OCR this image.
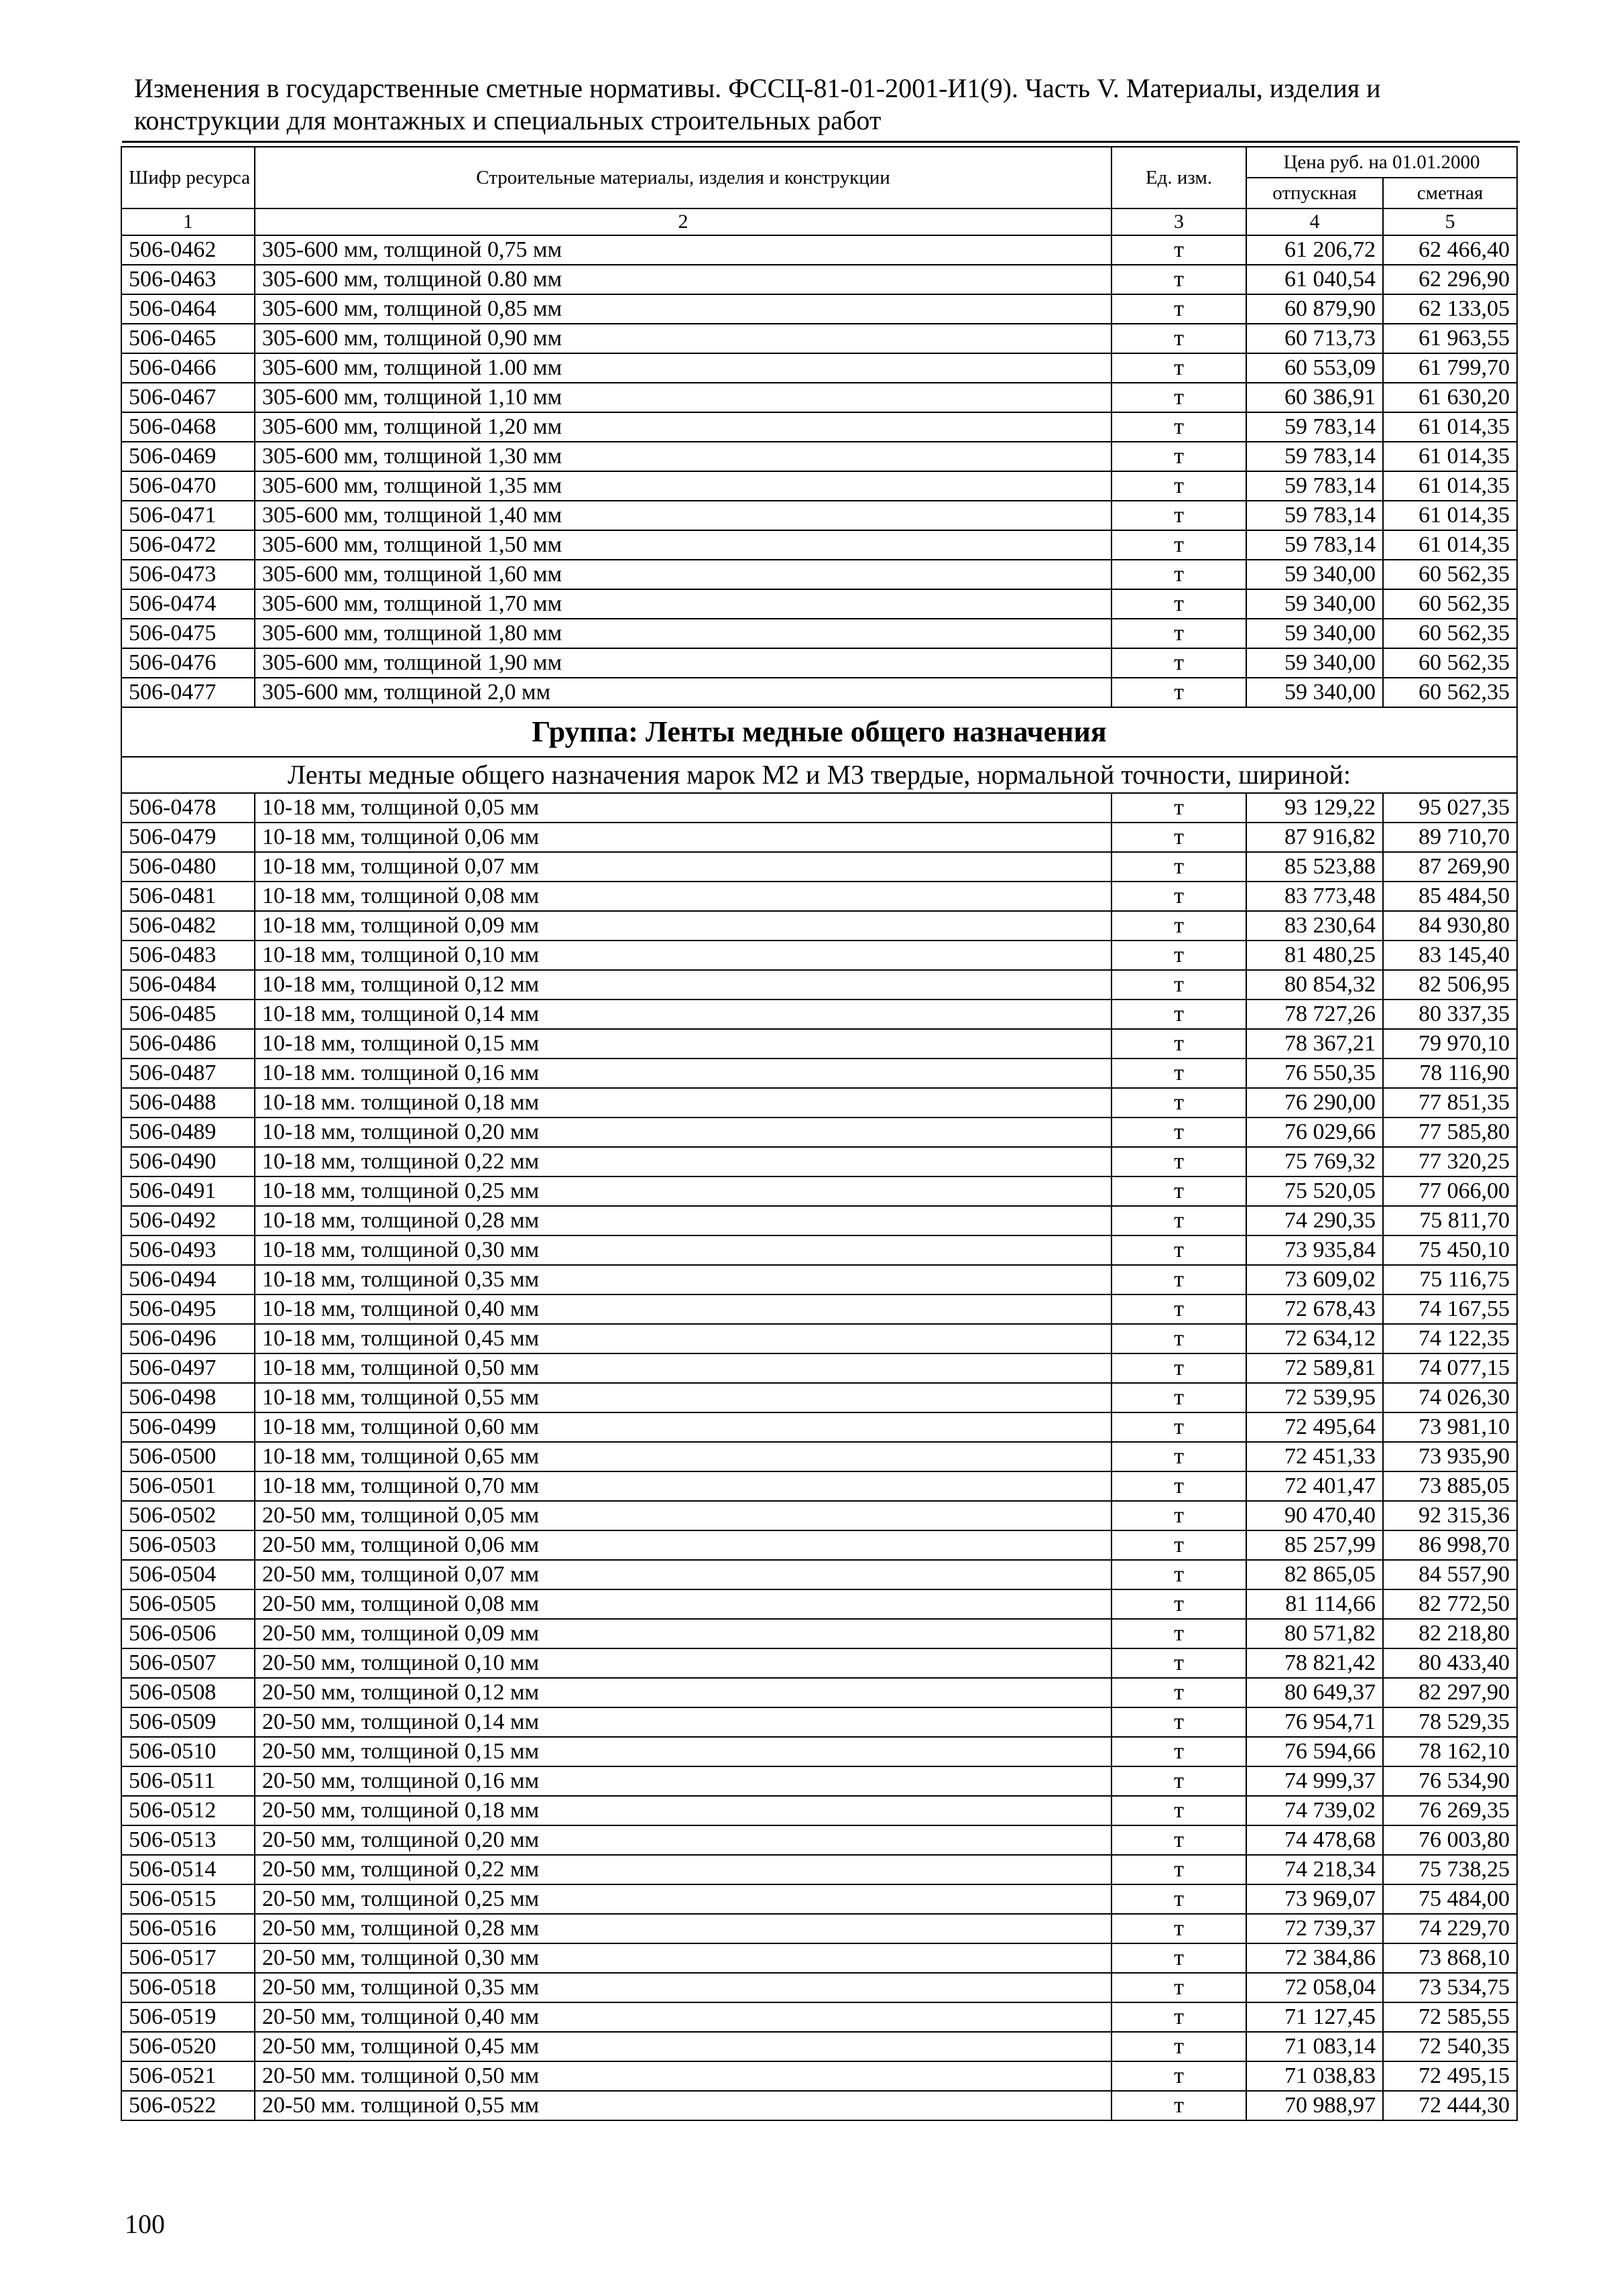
Изменения в государственные сметные нормативы. ФССЦ-81-01-2001-И1(9). Часть V. Материалы, изделия и конструкции для монтажных и специальных строительных работ
Шифр ресурса	Строительные материалы, изделия и конструкции	Ед. изм.	Цена руб. на 01.01.2000	
			отпускная	сметная
1	2	3	4	5
506-0462	305-600 мм, толщиной 0,75 мм	т	61 206,72	62 466,40
506-0463	305-600 мм, толщиной 0.80 мм	т	61 040,54	62 296,90
506-0464	305-600 мм, толщиной 0,85 мм	т	60 879,90	62 133,05
506-0465	305-600 мм, толщиной 0,90 мм	т	60 713,73	61 963,55
506-0466	305-600 мм, толщиной 1.00 мм	т	60 553,09	61 799,70
506-0467	305-600 мм, толщиной 1,10 мм	т	60 386,91	61 630,20
506-0468	305-600 мм, толщиной 1,20 мм	т	59 783,14	61 014,35
506-0469	305-600 мм, толщиной 1,30 мм	т	59 783,14	61 014,35
506-0470	305-600 мм, толщиной 1,35 мм	т	59 783,14	61 014,35
506-0471	305-600 мм, толщиной 1,40 мм	т	59 783,14	61 014,35
506-0472	305-600 мм, толщиной 1,50 мм	т	59 783,14	61 014,35
506-0473	305-600 мм, толщиной 1,60 мм	т	59 340,00	60 562,35
506-0474	305-600 мм, толщиной 1,70 мм	т	59 340,00	60 562,35
506-0475	305-600 мм, толщиной 1,80 мм	т	59 340,00	60 562,35
506-0476	305-600 мм, толщиной 1,90 мм	т	59 340,00	60 562,35
506-0477	305-600 мм, толщиной 2,0 мм	т	59 340,00	60 562,35
Группа: Ленты медные общего назначения				
Ленты медные общего назначения марок М2 и М3 твердые, нормальной точности, шириной:				
506-0478	10-18 мм, толщиной 0,05 мм	т	93 129,22	95 027,35
506-0479	10-18 мм, толщиной 0,06 мм	т	87 916,82	89 710,70
506-0480	10-18 мм, толщиной 0,07 мм	т	85 523,88	87 269,90
506-0481	10-18 мм, толщиной 0,08 мм	т	83 773,48	85 484,50
506-0482	10-18 мм, толщиной 0,09 мм	т	83 230,64	84 930,80
506-0483	10-18 мм, толщиной 0,10 мм	т	81 480,25	83 145,40
506-0484	10-18 мм, толщиной 0,12 мм	т	80 854,32	82 506,95
506-0485	10-18 мм, толщиной 0,14 мм	т	78 727,26	80 337,35
506-0486	10-18 мм, толщиной 0,15 мм	т	78 367,21	79 970,10
506-0487	10-18 мм. толщиной 0,16 мм	т	76 550,35	78 116,90
506-0488	10-18 мм. толщиной 0,18 мм	т	76 290,00	77 851,35
506-0489	10-18 мм, толщиной 0,20 мм	т	76 029,66	77 585,80
506-0490	10-18 мм, толщиной 0,22 мм	т	75 769,32	77 320,25
506-0491	10-18 мм, толщиной 0,25 мм	т	75 520,05	77 066,00
506-0492	10-18 мм, толщиной 0,28 мм	т	74 290,35	75 811,70
506-0493	10-18 мм, толщиной 0,30 мм	т	73 935,84	75 450,10
506-0494	10-18 мм, толщиной 0,35 мм	т	73 609,02	75 116,75
506-0495	10-18 мм, толщиной 0,40 мм	т	72 678,43	74 167,55
506-0496	10-18 мм, толщиной 0,45 мм	т	72 634,12	74 122,35
506-0497	10-18 мм, толщиной 0,50 мм	т	72 589,81	74 077,15
506-0498	10-18 мм, толщиной 0,55 мм	т	72 539,95	74 026,30
506-0499	10-18 мм, толщиной 0,60 мм	т	72 495,64	73 981,10
506-0500	10-18 мм, толщиной 0,65 мм	т	72 451,33	73 935,90
506-0501	10-18 мм, толщиной 0,70 мм	т	72 401,47	73 885,05
506-0502	20-50 мм, толщиной 0,05 мм	т	90 470,40	92 315,36
506-0503	20-50 мм, толщиной 0,06 мм	т	85 257,99	86 998,70
506-0504	20-50 мм, толщиной 0,07 мм	т	82 865,05	84 557,90
506-0505	20-50 мм, толщиной 0,08 мм	т	81 114,66	82 772,50
506-0506	20-50 мм, толщиной 0,09 мм	т	80 571,82	82 218,80
506-0507	20-50 мм, толщиной 0,10 мм	т	78 821,42	80 433,40
506-0508	20-50 мм, толщиной 0,12 мм	т	80 649,37	82 297,90
506-0509	20-50 мм, толщиной 0,14 мм	т	76 954,71	78 529,35
506-0510	20-50 мм, толщиной 0,15 мм	т	76 594,66	78 162,10
506-0511	20-50 мм, толщиной 0,16 мм	т	74 999,37	76 534,90
506-0512	20-50 мм, толщиной 0,18 мм	т	74 739,02	76 269,35
506-0513	20-50 мм, толщиной 0,20 мм	т	74 478,68	76 003,80
506-0514	20-50 мм, толщиной 0,22 мм	т	74 218,34	75 738,25
506-0515	20-50 мм, толщиной 0,25 мм	т	73 969,07	75 484,00
506-0516	20-50 мм, толщиной 0,28 мм	т	72 739,37	74 229,70
506-0517	20-50 мм, толщиной 0,30 мм	т	72 384,86	73 868,10
506-0518	20-50 мм, толщиной 0,35 мм	т	72 058,04	73 534,75
506-0519	20-50 мм, толщиной 0,40 мм	т	71 127,45	72 585,55
506-0520	20-50 мм, толщиной 0,45 мм	т	71 083,14	72 540,35
506-0521	20-50 мм. толщиной 0,50 мм	т	71 038,83	72 495,15
506-0522	20-50 мм. толщиной 0,55 мм	т	70 988,97	72 444,30
100
